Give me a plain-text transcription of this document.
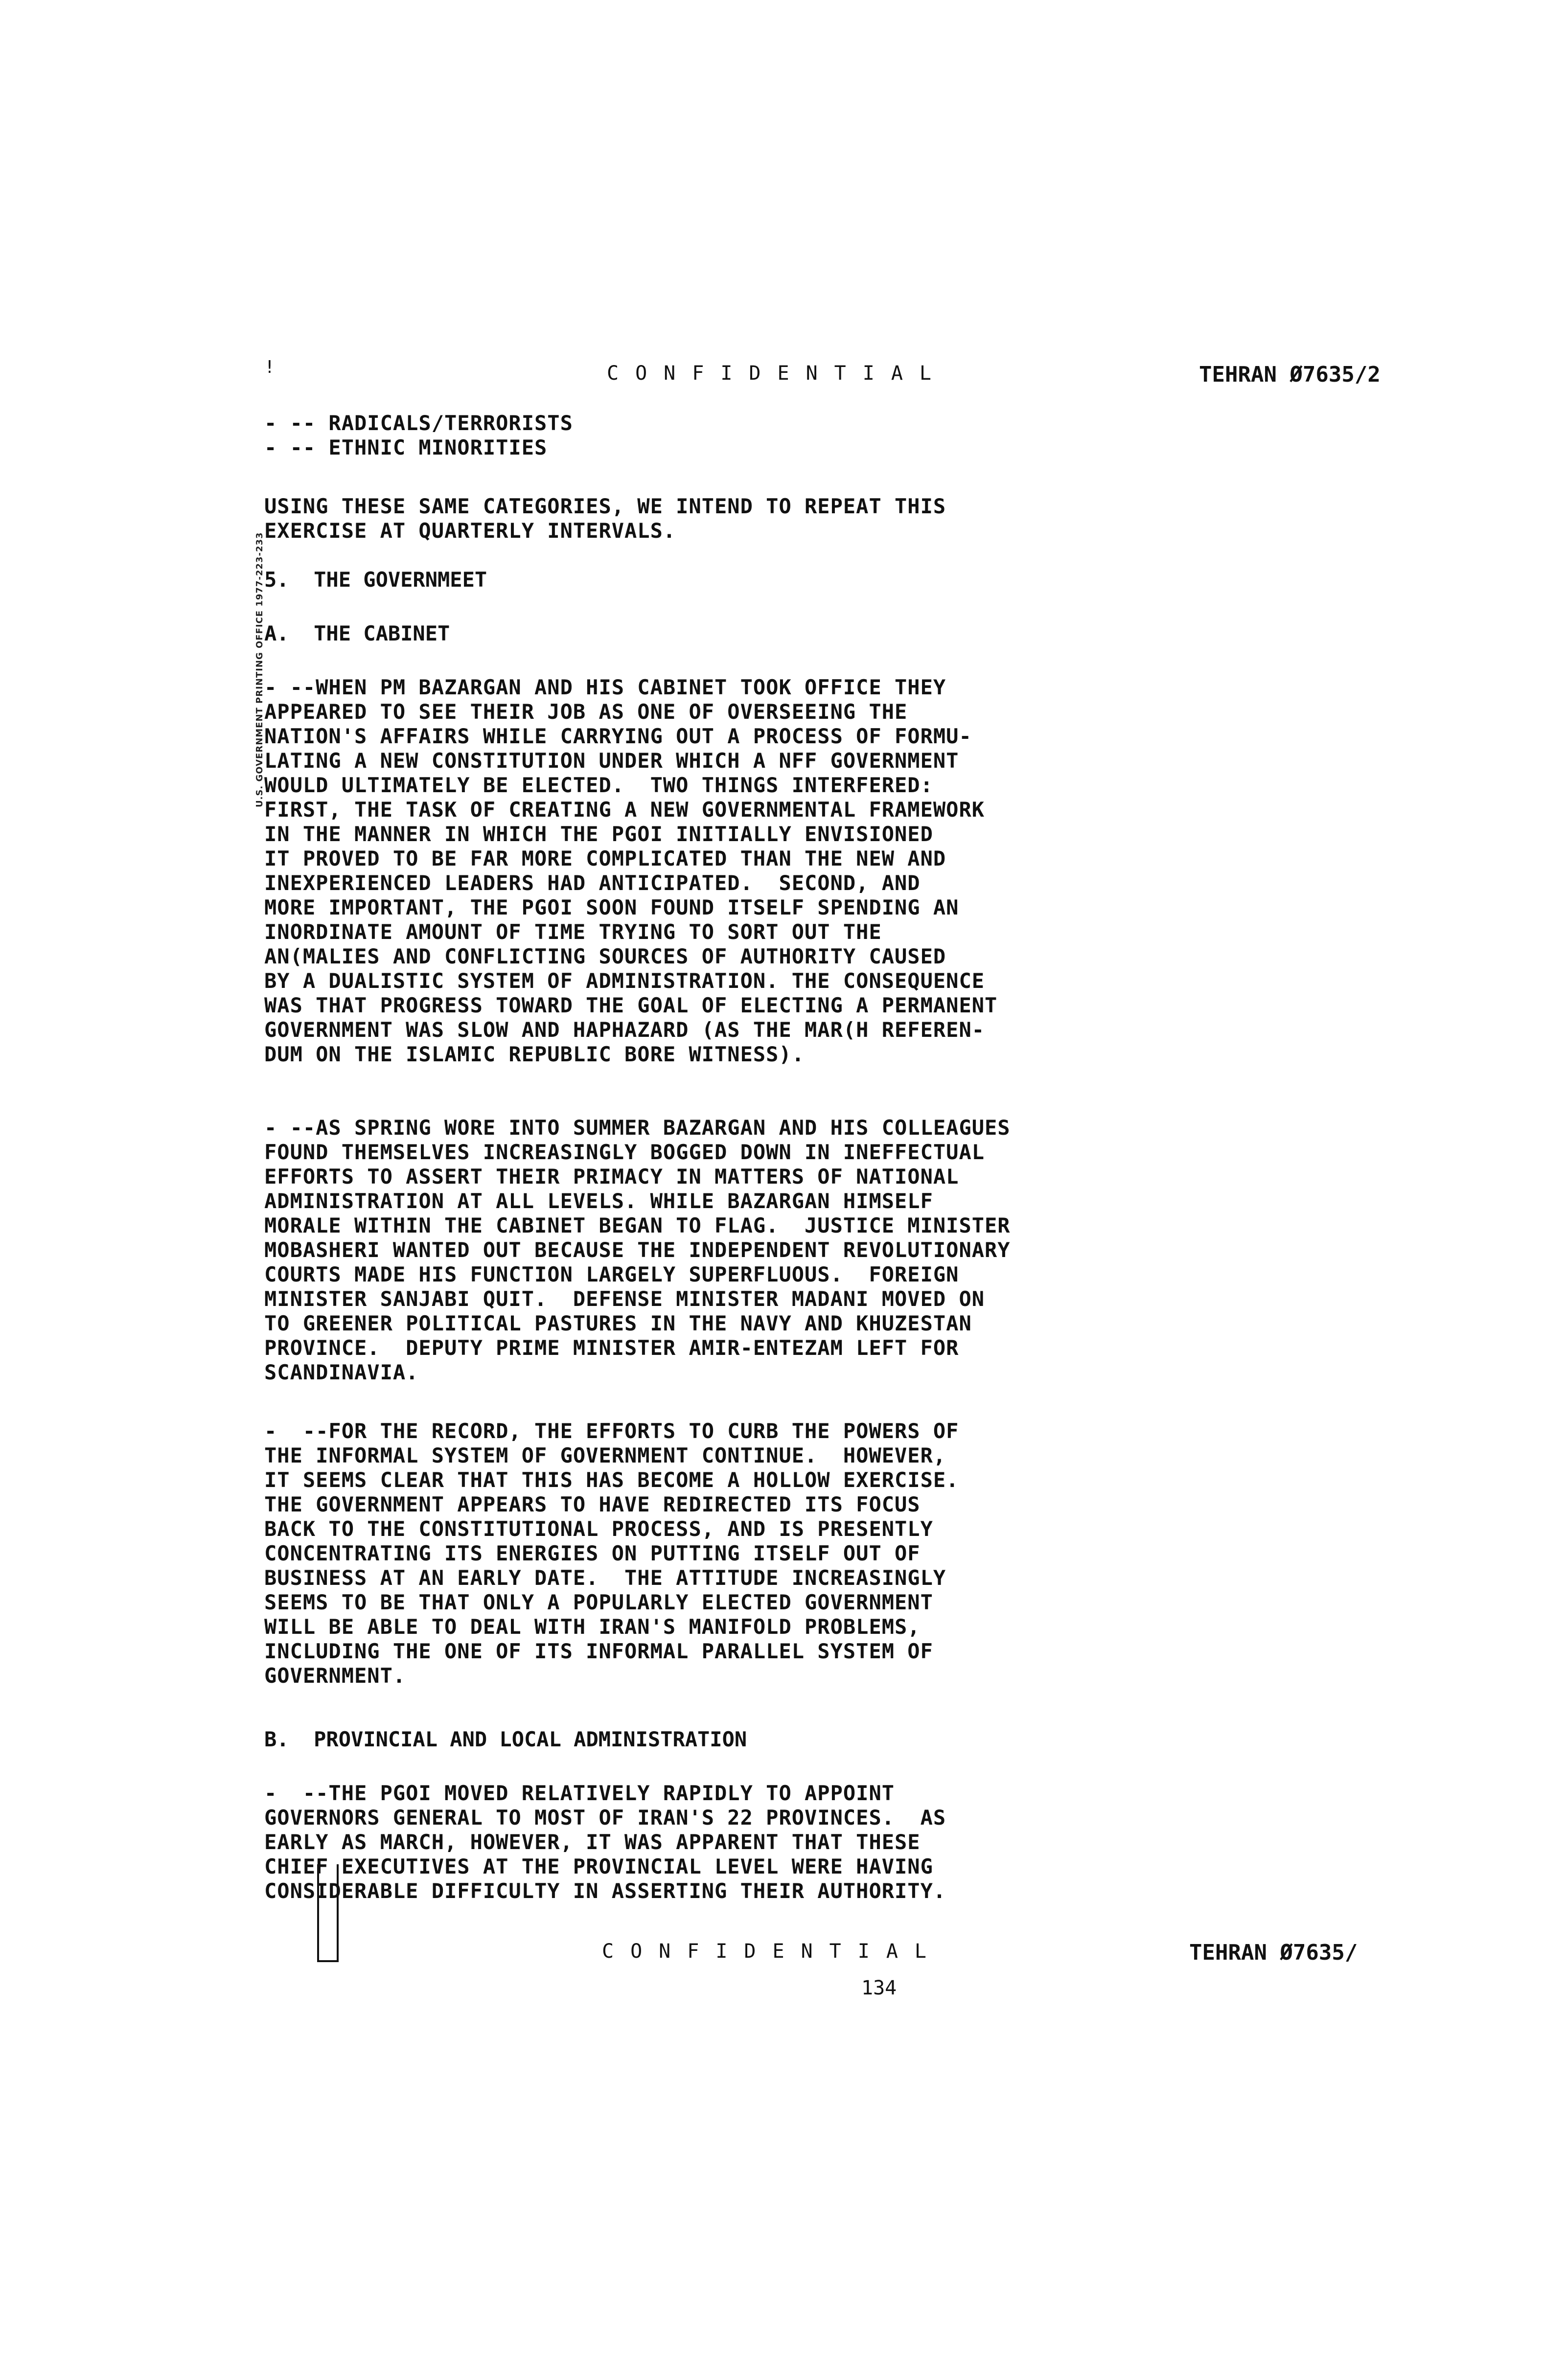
!	CONFIDENTIAL	TEHRAN Ø7635/2
U.S. GOVERNMENT PRINTING OFFICE 1977-223-233
- -- RADICALS/TERRORISTS
- -- ETHNIC MINORITIES
USING THESE SAME CATEGORIES, WE INTEND TO REPEAT THIS
EXERCISE AT QUARTERLY INTERVALS.
5.  THE GOVERNMEET
A.  THE CABINET
- --WHEN PM BAZARGAN AND HIS CABINET TOOK OFFICE THEY
APPEARED TO SEE THEIR JOB AS ONE OF OVERSEEING THE
NATION'S AFFAIRS WHILE CARRYING OUT A PROCESS OF FORMU-
LATING A NEW CONSTITUTION UNDER WHICH A NFF GOVERNMENT
WOULD ULTIMATELY BE ELECTED.  TWO THINGS INTERFERED:
FIRST, THE TASK OF CREATING A NEW GOVERNMENTAL FRAMEWORK
IN THE MANNER IN WHICH THE PGOI INITIALLY ENVISIONED
IT PROVED TO BE FAR MORE COMPLICATED THAN THE NEW AND
INEXPERIENCED LEADERS HAD ANTICIPATED.  SECOND, AND
MORE IMPORTANT, THE PGOI SOON FOUND ITSELF SPENDING AN
INORDINATE AMOUNT OF TIME TRYING TO SORT OUT THE
AN(MALIES AND CONFLICTING SOURCES OF AUTHORITY CAUSED
BY A DUALISTIC SYSTEM OF ADMINISTRATION. THE CONSEQUENCE
WAS THAT PROGRESS TOWARD THE GOAL OF ELECTING A PERMANENT
GOVERNMENT WAS SLOW AND HAPHAZARD (AS THE MAR(H REFEREN-
DUM ON THE ISLAMIC REPUBLIC BORE WITNESS).
- --AS SPRING WORE INTO SUMMER BAZARGAN AND HIS COLLEAGUES
FOUND THEMSELVES INCREASINGLY BOGGED DOWN IN INEFFECTUAL
EFFORTS TO ASSERT THEIR PRIMACY IN MATTERS OF NATIONAL
ADMINISTRATION AT ALL LEVELS. WHILE BAZARGAN HIMSELF
MORALE WITHIN THE CABINET BEGAN TO FLAG.  JUSTICE MINISTER
MOBASHERI WANTED OUT BECAUSE THE INDEPENDENT REVOLUTIONARY
COURTS MADE HIS FUNCTION LARGELY SUPERFLUOUS.  FOREIGN
MINISTER SANJABI QUIT.  DEFENSE MINISTER MADANI MOVED ON
TO GREENER POLITICAL PASTURES IN THE NAVY AND KHUZESTAN
PROVINCE.  DEPUTY PRIME MINISTER AMIR-ENTEZAM LEFT FOR
SCANDINAVIA.
-  --FOR THE RECORD, THE EFFORTS TO CURB THE POWERS OF
THE INFORMAL SYSTEM OF GOVERNMENT CONTINUE.  HOWEVER,
IT SEEMS CLEAR THAT THIS HAS BECOME A HOLLOW EXERCISE.
THE GOVERNMENT APPEARS TO HAVE REDIRECTED ITS FOCUS
BACK TO THE CONSTITUTIONAL PROCESS, AND IS PRESENTLY
CONCENTRATING ITS ENERGIES ON PUTTING ITSELF OUT OF
BUSINESS AT AN EARLY DATE.  THE ATTITUDE INCREASINGLY
SEEMS TO BE THAT ONLY A POPULARLY ELECTED GOVERNMENT
WILL BE ABLE TO DEAL WITH IRAN'S MANIFOLD PROBLEMS,
INCLUDING THE ONE OF ITS INFORMAL PARALLEL SYSTEM OF
GOVERNMENT.
B.  PROVINCIAL AND LOCAL ADMINISTRATION
-  --THE PGOI MOVED RELATIVELY RAPIDLY TO APPOINT
GOVERNORS GENERAL TO MOST OF IRAN'S 22 PROVINCES.  AS
EARLY AS MARCH, HOWEVER, IT WAS APPARENT THAT THESE
CHIEF EXECUTIVES AT THE PROVINCIAL LEVEL WERE HAVING
CONSIDERABLE DIFFICULTY IN ASSERTING THEIR AUTHORITY.
CONFIDENTIAL	TEHRAN Ø7635/
134
